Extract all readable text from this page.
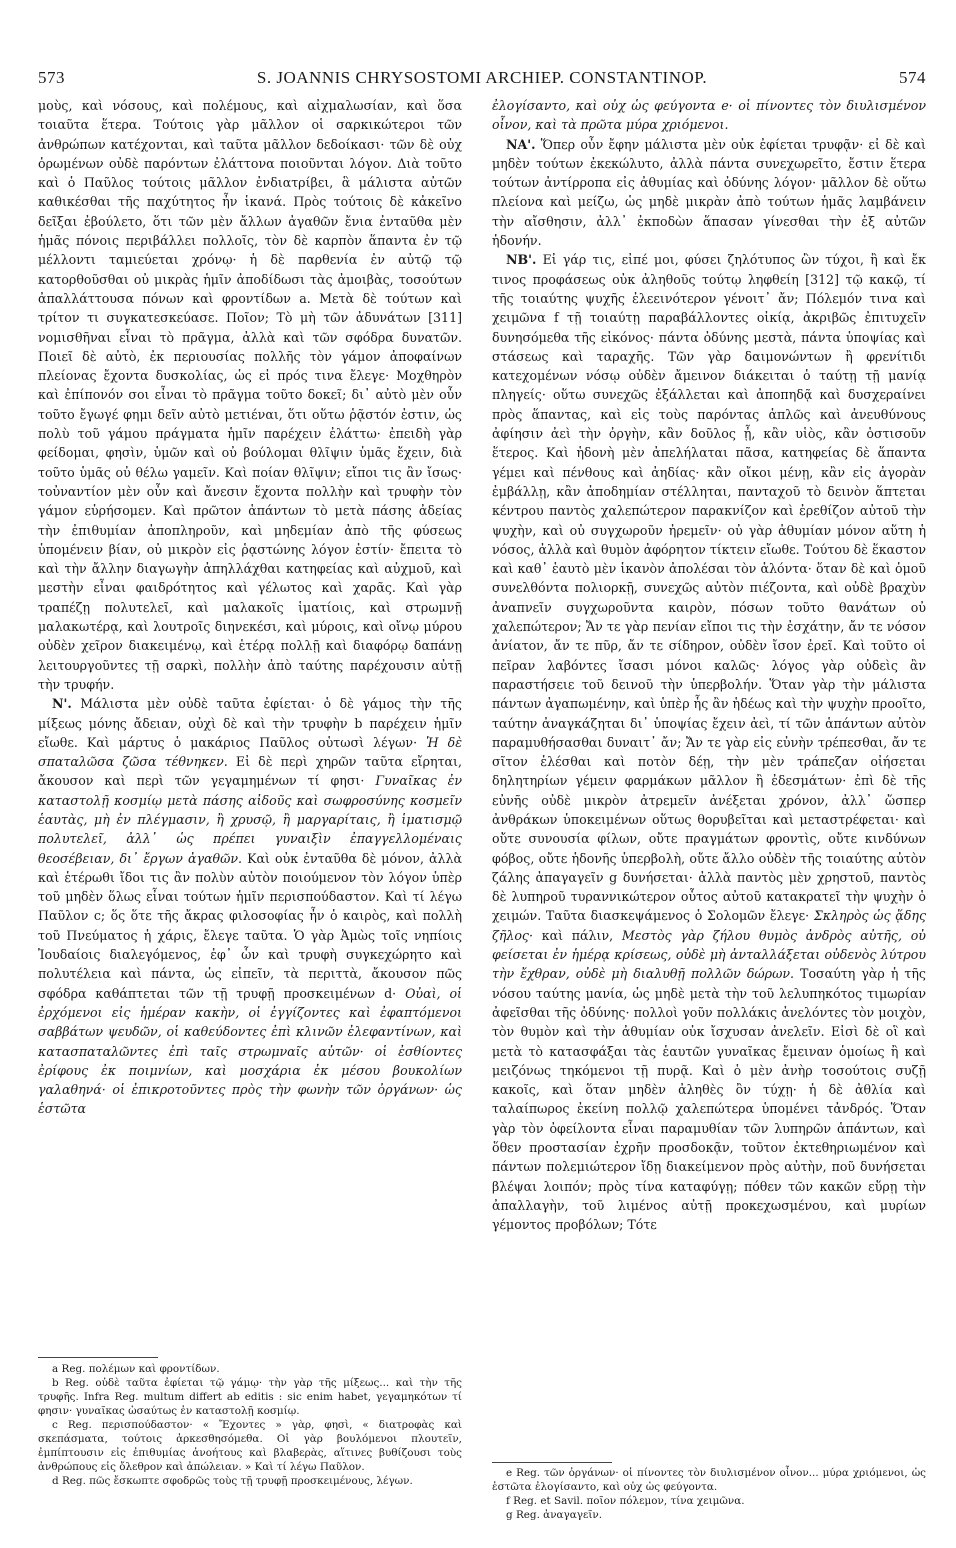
573	S. JOANNIS CHRYSOSTOMI ARCHIEP. CONSTANTINOP.	574

μοὺς, καὶ νόσους, καὶ πολέμους, καὶ αἰχμαλωσίαν, καὶ ὅσα τοιαῦτα ἕτερα. Τούτοις γὰρ μᾶλλον οἱ σαρκικώτεροι τῶν ἀνθρώπων κατέχονται, καὶ ταῦτα μᾶλλον δεδοίκασι· τῶν δὲ οὐχ ὁρωμένων οὐδὲ παρόντων ἐλάττονα ποιοῦνται λόγον. Διὰ τοῦτο καὶ ὁ Παῦλος τούτοις μᾶλλον ἐνδιατρίβει, ἃ μάλιστα αὐτῶν καθικέσθαι τῆς παχύτητος ἦν ἱκανά. Πρὸς τούτοις δὲ κἀκεῖνο δεῖξαι ἐβούλετο, ὅτι τῶν μὲν ἄλλων ἀγαθῶν ἔνια ἐνταῦθα μὲν ἡμᾶς πόνοις περιβάλλει πολλοῖς, τὸν δὲ καρπὸν ἅπαντα ἐν τῷ μέλλοντι ταμιεύεται χρόνῳ· ἡ δὲ παρθενία ἐν αὐτῷ τῷ κατορθοῦσθαι οὐ μικρὰς ἡμῖν ἀποδίδωσι τὰς ἀμοιβὰς, τοσούτων ἀπαλλάττουσα πόνων καὶ φροντίδων a. Μετὰ δὲ τούτων καὶ τρίτον τι συγκατεσκεύασε. Ποῖον; Τὸ μὴ τῶν ἀδυνάτων [311] νομισθῆναι εἶναι τὸ πρᾶγμα, ἀλλὰ καὶ τῶν σφόδρα δυνατῶν. Ποιεῖ δὲ αὐτὸ, ἐκ περιουσίας πολλῆς τὸν γάμον ἀποφαίνων πλείονας ἔχοντα δυσκολίας, ὡς εἰ πρός τινα ἔλεγε· Μοχθηρὸν καὶ ἐπίπονόν σοι εἶναι τὸ πρᾶγμα τοῦτο δοκεῖ; δι᾽ αὐτὸ μὲν οὖν τοῦτο ἔγωγέ φημι δεῖν αὐτὸ μετιέναι, ὅτι οὕτω ῥᾷστόν ἐστιν, ὡς πολὺ τοῦ γάμου πράγματα ἡμῖν παρέχειν ἐλάττω· ἐπειδὴ γὰρ φείδομαι, φησὶν, ὑμῶν καὶ οὐ βούλομαι θλῖψιν ὑμᾶς ἔχειν, διὰ τοῦτο ὑμᾶς οὐ θέλω γαμεῖν. Καὶ ποίαν θλῖψιν; εἴποι τις ἂν ἴσως· τοὐναντίον μὲν οὖν καὶ ἄνεσιν ἔχοντα πολλὴν καὶ τρυφὴν τὸν γάμον εὑρήσομεν. Καὶ πρῶτον ἁπάντων τὸ μετὰ πάσης ἀδείας τὴν ἐπιθυμίαν ἀποπληροῦν, καὶ μηδεμίαν ἀπὸ τῆς φύσεως ὑπομένειν βίαν, οὐ μικρὸν εἰς ῥᾳστώνης λόγον ἐστίν· ἔπειτα τὸ καὶ τὴν ἄλλην διαγωγὴν ἀπηλλάχθαι κατηφείας καὶ αὐχμοῦ, καὶ μεστὴν εἶναι φαιδρότητος καὶ γέλωτος καὶ χαρᾶς. Καὶ γὰρ τραπέζῃ πολυτελεῖ, καὶ μαλακοῖς ἱματίοις, καὶ στρωμνῇ μαλακωτέρᾳ, καὶ λουτροῖς διηνεκέσι, καὶ μύροις, καὶ οἴνῳ μύρου οὐδὲν χεῖρον διακειμένῳ, καὶ ἑτέρᾳ πολλῇ καὶ διαφόρῳ δαπάνῃ λειτουργοῦντες τῇ σαρκὶ, πολλὴν ἀπὸ ταύτης παρέχουσιν αὐτῇ τὴν τρυφήν.

N'. Μάλιστα μὲν οὐδὲ ταῦτα ἐφίεται· ὁ δὲ γάμος τὴν τῆς μίξεως μόνης ἄδειαν, οὐχὶ δὲ καὶ τὴν τρυφὴν b παρέχειν ἡμῖν εἴωθε. Καὶ μάρτυς ὁ μακάριος Παῦλος οὑτωσὶ λέγων· Ἡ δὲ σπαταλῶσα ζῶσα τέθνηκεν. Εἰ δὲ περὶ χηρῶν ταῦτα εἴρηται, ἄκουσον καὶ περὶ τῶν γεγαμημένων τί φησι· Γυναῖκας ἐν καταστολῇ κοσμίῳ μετὰ πάσης αἰδοῦς καὶ σωφροσύνης κοσμεῖν ἑαυτὰς, μὴ ἐν πλέγμασιν, ἢ χρυσῷ, ἢ μαργαρίταις, ἢ ἱματισμῷ πολυτελεῖ, ἀλλ᾽ ὡς πρέπει γυναιξὶν ἐπαγγελλομέναις θεοσέβειαν, δι᾽ ἔργων ἀγαθῶν. Καὶ οὐκ ἐνταῦθα δὲ μόνον, ἀλλὰ καὶ ἑτέρωθι ἴδοι τις ἂν πολὺν αὐτὸν ποιούμενον τὸν λόγον ὑπὲρ τοῦ μηδὲν ὅλως εἶναι τούτων ἡμῖν περισπούδαστον. Καὶ τί λέγω Παῦλον c; ὅς ὅτε τῆς ἄκρας φιλοσοφίας ἦν ὁ καιρὸς, καὶ πολλὴ τοῦ Πνεύματος ἡ χάρις, ἔλεγε ταῦτα. Ὁ γὰρ Ἀμὼς τοῖς νηπίοις Ἰουδαίοις διαλεγόμενος, ἐφ᾽ ὧν καὶ τρυφὴ συγκεχώρητο καὶ πολυτέλεια καὶ πάντα, ὡς εἰπεῖν, τὰ περιττὰ, ἄκουσον πῶς σφόδρα καθάπτεται τῶν τῇ τρυφῇ προσκειμένων d· Οὐαὶ, οἱ ἐρχόμενοι εἰς ἡμέραν κακὴν, οἱ ἐγγίζοντες καὶ ἐφαπτόμενοι σαββάτων ψευδῶν, οἱ καθεύδοντες ἐπὶ κλινῶν ἐλεφαντίνων, καὶ κατασπαταλῶντες ἐπὶ ταῖς στρωμναῖς αὐτῶν· οἱ ἐσθίοντες ἐρίφους ἐκ ποιμνίων, καὶ μοσχάρια ἐκ μέσου βουκολίων γαλαθηνά· οἱ ἐπικροτοῦντες πρὸς τὴν φωνὴν τῶν ὀργάνων· ὡς ἑστῶτα

ἐλογίσαντο, καὶ οὐχ ὡς φεύγοντα e· οἱ πίνοντες τὸν διυλισμένον οἶνον, καὶ τὰ πρῶτα μύρα χριόμενοι.

ΝΑ'. Ὅπερ οὖν ἔφην μάλιστα μὲν οὐκ ἐφίεται τρυφᾷν· εἰ δὲ καὶ μηδὲν τούτων ἐκεκώλυτο, ἀλλὰ πάντα συνεχωρεῖτο, ἔστιν ἕτερα τούτων ἀντίρροπα εἰς ἀθυμίας καὶ ὀδύνης λόγον· μᾶλλον δὲ οὕτω πλείονα καὶ μείζω, ὡς μηδὲ μικρὰν ἀπὸ τούτων ἡμᾶς λαμβάνειν τὴν αἴσθησιν, ἀλλ᾽ ἐκποδὼν ἅπασαν γίνεσθαι τὴν ἐξ αὐτῶν ἡδονήν.

ΝΒ'. Εἰ γάρ τις, εἰπέ μοι, φύσει ζηλότυπος ὢν τύχοι, ἢ καὶ ἔκ τινος προφάσεως οὐκ ἀληθοῦς τούτῳ ληφθείη [312] τῷ κακῷ, τί τῆς τοιαύτης ψυχῆς ἐλεεινότερον γένοιτ᾽ ἄν; Πόλεμόν τινα καὶ χειμῶνα f τῇ τοιαύτῃ παραβάλλοντες οἰκίᾳ, ἀκριβῶς ἐπιτυχεῖν δυνησόμεθα τῆς εἰκόνος· πάντα ὀδύνης μεστὰ, πάντα ὑποψίας καὶ στάσεως καὶ ταραχῆς. Τῶν γὰρ δαιμονώντων ἢ φρενίτιδι κατεχομένων νόσῳ οὐδὲν ἄμεινον διάκειται ὁ ταύτῃ τῇ μανίᾳ πληγείς· οὕτω συνεχῶς ἐξάλλεται καὶ ἀποπηδᾷ καὶ δυσχεραίνει πρὸς ἅπαντας, καὶ εἰς τοὺς παρόντας ἁπλῶς καὶ ἀνευθύνους ἀφίησιν ἀεὶ τὴν ὀργὴν, κἂν δοῦλος ᾖ, κἂν υἱὸς, κἂν ὁστισοῦν ἕτερος. Καὶ ἡδονὴ μὲν ἀπελήλαται πᾶσα, κατηφείας δὲ ἅπαντα γέμει καὶ πένθους καὶ ἀηδίας· κἂν οἴκοι μένῃ, κἂν εἰς ἀγορὰν ἐμβάλλῃ, κἂν ἀποδημίαν στέλληται, πανταχοῦ τὸ δεινὸν ἅπτεται κέντρου παντὸς χαλεπώτερον παρακνίζον καὶ ἐρεθίζον αὐτοῦ τὴν ψυχὴν, καὶ οὐ συγχωροῦν ἠρεμεῖν· οὐ γὰρ ἀθυμίαν μόνον αὕτη ἡ νόσος, ἀλλὰ καὶ θυμὸν ἀφόρητον τίκτειν εἴωθε. Τούτου δὲ ἕκαστον καὶ καθ᾽ ἑαυτὸ μὲν ἱκανὸν ἀπολέσαι τὸν ἁλόντα· ὅταν δὲ καὶ ὁμοῦ συνελθόντα πολιορκῇ, συνεχῶς αὐτὸν πιέζοντα, καὶ οὐδὲ βραχὺν ἀναπνεῖν συγχωροῦντα καιρὸν, πόσων τοῦτο θανάτων οὐ χαλεπώτερον; Ἄν τε γὰρ πενίαν εἴποι τις τὴν ἐσχάτην, ἄν τε νόσον ἀνίατον, ἄν τε πῦρ, ἄν τε σίδηρον, οὐδὲν ἴσον ἐρεῖ. Καὶ τοῦτο οἱ πεῖραν λαβόντες ἴσασι μόνοι καλῶς· λόγος γὰρ οὐδεὶς ἂν παραστήσειε τοῦ δεινοῦ τὴν ὑπερβολήν. Ὅταν γὰρ τὴν μάλιστα πάντων ἀγαπωμένην, καὶ ὑπὲρ ἧς ἂν ἡδέως καὶ τὴν ψυχὴν προοῖτο, ταύτην ἀναγκάζηται δι᾽ ὑποψίας ἔχειν ἀεὶ, τί τῶν ἁπάντων αὐτὸν παραμυθήσασθαι δυναιτ᾽ ἄν; Ἄν τε γὰρ εἰς εὐνὴν τρέπεσθαι, ἄν τε σῖτον ἑλέσθαι καὶ ποτὸν δέῃ, τὴν μὲν τράπεζαν οἰήσεται δηλητηρίων γέμειν φαρμάκων μᾶλλον ἢ ἐδεσμάτων· ἐπὶ δὲ τῆς εὐνῆς οὐδὲ μικρὸν ἀτρεμεῖν ἀνέξεται χρόνον, ἀλλ᾽ ὥσπερ ἀνθράκων ὑποκειμένων οὕτως θορυβεῖται καὶ μεταστρέφεται· καὶ οὔτε συνουσία φίλων, οὔτε πραγμάτων φροντὶς, οὔτε κινδύνων φόβος, οὔτε ἡδονῆς ὑπερβολὴ, οὔτε ἄλλο οὐδὲν τῆς τοιαύτης αὐτὸν ζάλης ἀπαγαγεῖν g δυνήσεται· ἀλλὰ παντὸς μὲν χρηστοῦ, παντὸς δὲ λυπηροῦ τυραννικώτερον οὗτος αὐτοῦ κατακρατεῖ τὴν ψυχὴν ὁ χειμών. Ταῦτα διασκεψάμενος ὁ Σολομῶν ἔλεγε· Σκληρὸς ὡς ᾅδης ζῆλος· καὶ πάλιν, Μεστὸς γὰρ ζήλου θυμὸς ἀνδρὸς αὐτῆς, οὐ φείσεται ἐν ἡμέρᾳ κρίσεως, οὐδὲ μὴ ἀνταλλάξεται οὐδενὸς λύτρου τὴν ἔχθραν, οὐδὲ μὴ διαλυθῇ πολλῶν δώρων. Τοσαύτη γὰρ ἡ τῆς νόσου ταύτης μανία, ὡς μηδὲ μετὰ τὴν τοῦ λελυπηκότος τιμωρίαν ἀφεῖσθαι τῆς ὀδύνης· πολλοὶ γοῦν πολλάκις ἀνελόντες τὸν μοιχὸν, τὸν θυμὸν καὶ τὴν ἀθυμίαν οὐκ ἴσχυσαν ἀνελεῖν. Εἰσὶ δὲ οἳ καὶ μετὰ τὸ κατασφάξαι τὰς ἑαυτῶν γυναῖκας ἔμειναν ὁμοίως ἢ καὶ μειζόνως τηκόμενοι τῇ πυρᾷ. Καὶ ὁ μὲν ἀνὴρ τοσούτοις συζῇ κακοῖς, καὶ ὅταν μηδὲν ἀληθὲς ὂν τύχῃ· ἡ δὲ ἀθλία καὶ ταλαίπωρος ἐκείνη πολλῷ χαλεπώτερα ὑπομένει τἀνδρός. Ὅταν γὰρ τὸν ὀφείλοντα εἶναι παραμυθίαν τῶν λυπηρῶν ἁπάντων, καὶ ὅθεν προστασίαν ἐχρῆν προσδοκᾷν, τοῦτον ἐκτεθηριωμένον καὶ πάντων πολεμιώτερον ἴδῃ διακείμενον πρὸς αὐτὴν, ποῦ δυνήσεται βλέψαι λοιπόν; πρὸς τίνα καταφύγῃ; πόθεν τῶν κακῶν εὕρῃ τὴν ἀπαλλαγὴν, τοῦ λιμένος αὐτῇ προκεχωσμένου, καὶ μυρίων γέμοντος προβόλων; Τότε

a Reg. πολέμων καὶ φροντίδων.

b Reg. οὐδὲ ταῦτα ἐφίεται τῷ γάμῳ· τὴν γὰρ τῆς μίξεως... καὶ τὴν τῆς τρυφῆς. Infra Reg. multum differt ab editis : sic enim habet, γεγαμηκότων τί φησιν· γυναῖκας ὡσαύτως ἐν καταστολῇ κοσμίῳ.

c Reg. περισπούδαστον· « Ἔχοντες » γὰρ, φησὶ, « διατροφὰς καὶ σκεπάσματα, τούτοις ἀρκεσθησόμεθα. Οἱ γὰρ βουλόμενοι πλουτεῖν, ἐμπίπτουσιν εἰς ἐπιθυμίας ἀνοήτους καὶ βλαβερὰς, αἵτινες βυθίζουσι τοὺς ἀνθρώπους εἰς ὄλεθρον καὶ ἀπώλειαν. » Καὶ τί λέγω Παῦλον.

d Reg. πῶς ἔσκωπτε σφοδρῶς τοὺς τῇ τρυφῇ προσκειμένους, λέγων.

e Reg. τῶν ὀργάνων· οἱ πίνοντες τὸν διυλισμένον οἶνον... μύρα χριόμενοι, ὡς ἑστῶτα ἐλογίσαντο, καὶ οὐχ ὡς φεύγοντα.

f Reg. et Savil. ποῖον πόλεμον, τίνα χειμῶνα.

g Reg. ἀναγαγεῖν.
